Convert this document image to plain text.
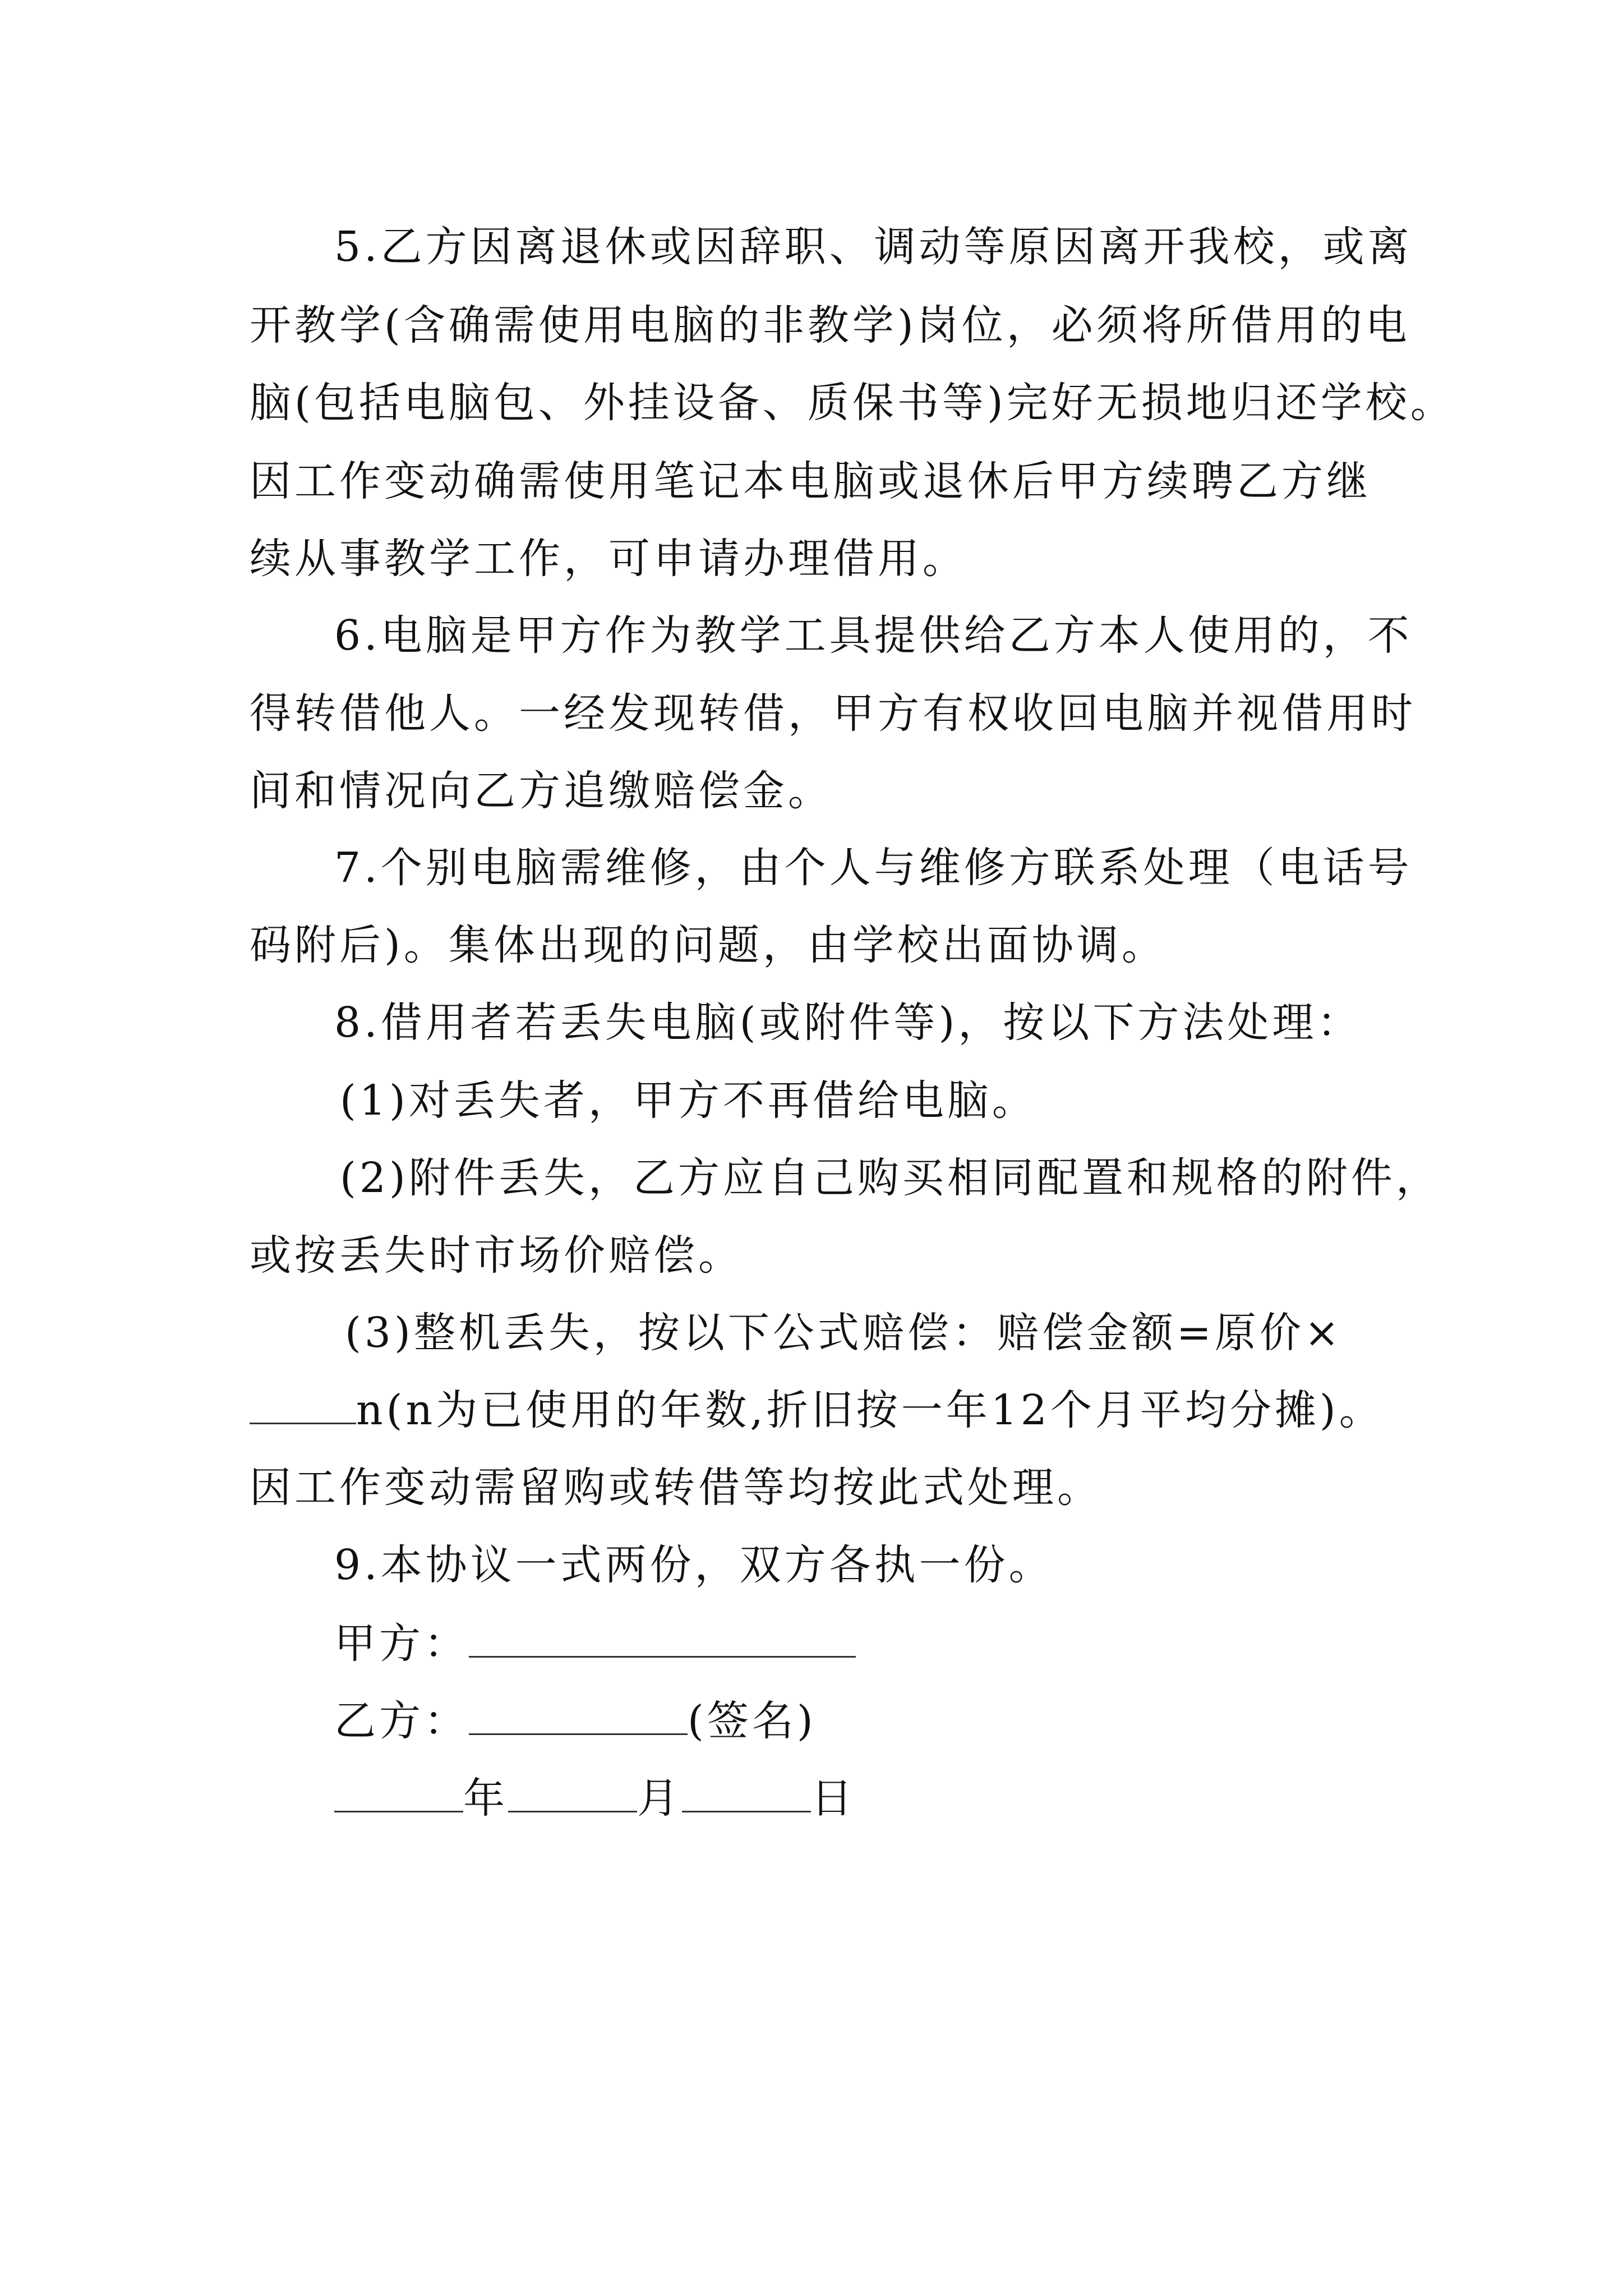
5.乙方因离退休或因辞职、调动等原因离开我校，或离
开教学(含确需使用电脑的非教学)岗位，必须将所借用的电
脑(包括电脑包、外挂设备、质保书等)完好无损地归还学校。
因工作变动确需使用笔记本电脑或退休后甲方续聘乙方继
续从事教学工作，可申请办理借用。
6.电脑是甲方作为教学工具提供给乙方本人使用的，不
得转借他人。一经发现转借，甲方有权收回电脑并视借用时
间和情况向乙方追缴赔偿金。
7.个别电脑需维修，由个人与维修方联系处理（电话号
码附后)。集体出现的问题，由学校出面协调。
8.借用者若丢失电脑(或附件等)，按以下方法处理：
(1)对丢失者，甲方不再借给电脑。
(2)附件丢失，乙方应自己购买相同配置和规格的附件，
或按丢失时市场价赔偿。
(3)整机丢失，按以下公式赔偿：赔偿金额=原价×
n(n为已使用的年数,折旧按一年12个月平均分摊)。
因工作变动需留购或转借等均按此式处理。
9.本协议一式两份，双方各执一份。
甲方：
乙方：	(签名)
年	月	日
